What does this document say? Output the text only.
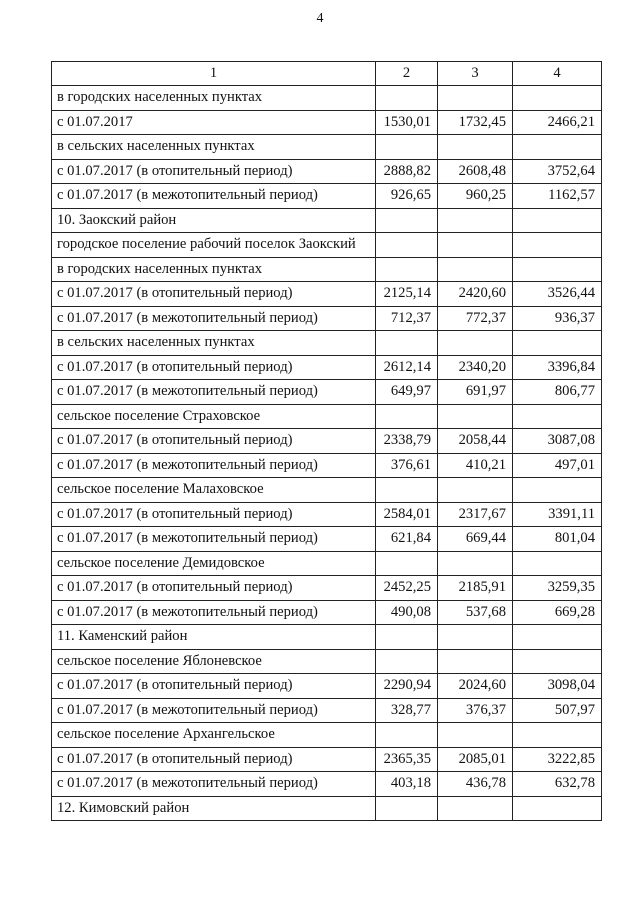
4
1	2	3	4
в городских населенных пунктах			
с 01.07.2017	1530,01	1732,45	2466,21
в сельских населенных пунктах			
с 01.07.2017 (в отопительный период)	2888,82	2608,48	3752,64
с 01.07.2017 (в межотопительный период)	926,65	960,25	1162,57
10. Заокский район			
городское поселение рабочий поселок Заокский			
в городских населенных пунктах			
с 01.07.2017 (в отопительный период)	2125,14	2420,60	3526,44
с 01.07.2017 (в межотопительный период)	712,37	772,37	936,37
в сельских населенных пунктах			
с 01.07.2017 (в отопительный период)	2612,14	2340,20	3396,84
с 01.07.2017 (в межотопительный период)	649,97	691,97	806,77
сельское поселение Страховское			
с 01.07.2017 (в отопительный период)	2338,79	2058,44	3087,08
с 01.07.2017 (в межотопительный период)	376,61	410,21	497,01
сельское поселение Малаховское			
с 01.07.2017 (в отопительный период)	2584,01	2317,67	3391,11
с 01.07.2017 (в межотопительный период)	621,84	669,44	801,04
сельское поселение Демидовское			
с 01.07.2017 (в отопительный период)	2452,25	2185,91	3259,35
с 01.07.2017 (в межотопительный период)	490,08	537,68	669,28
11. Каменский район			
сельское поселение Яблоневское			
с 01.07.2017 (в отопительный период)	2290,94	2024,60	3098,04
с 01.07.2017 (в межотопительный период)	328,77	376,37	507,97
сельское поселение Архангельское			
с 01.07.2017 (в отопительный период)	2365,35	2085,01	3222,85
с 01.07.2017 (в межотопительный период)	403,18	436,78	632,78
12. Кимовский район			
